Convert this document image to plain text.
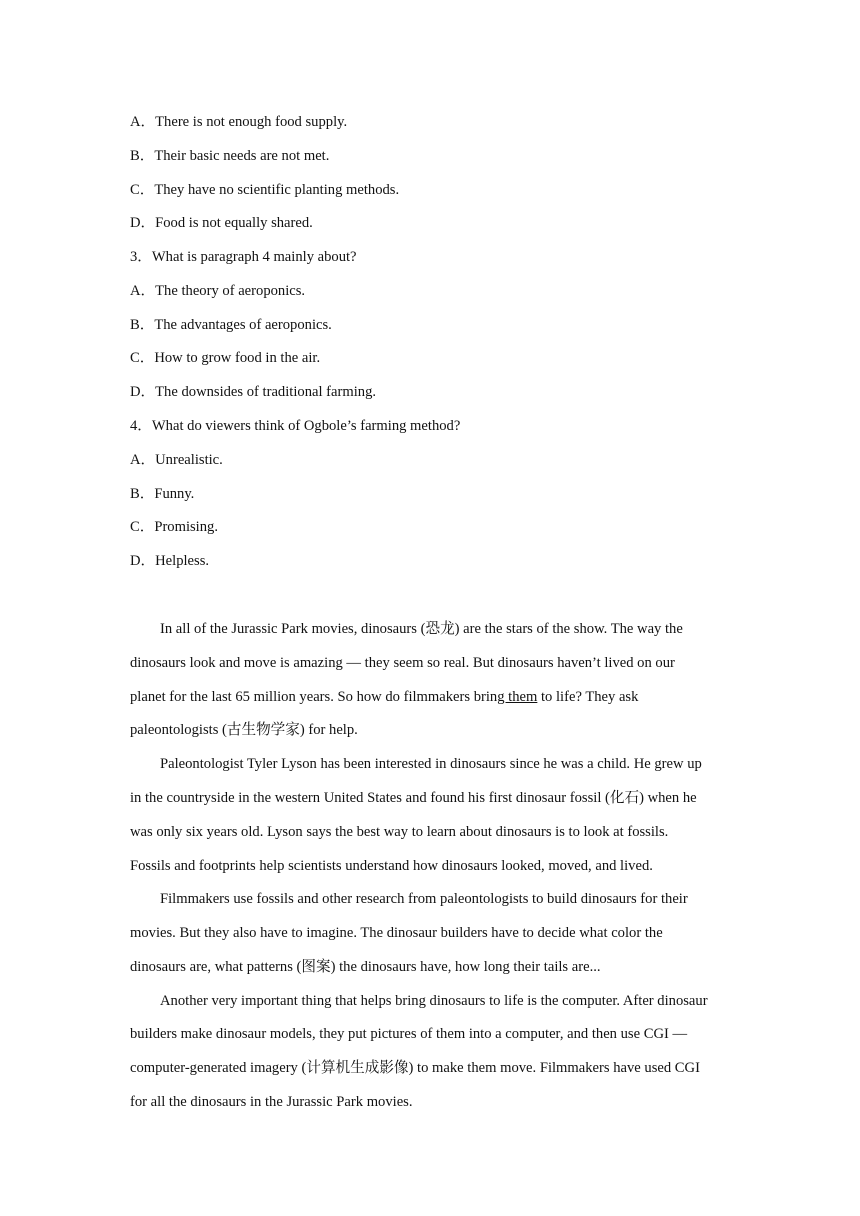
A．There is not enough food supply.
B．Their basic needs are not met.
C．They have no scientific planting methods.
D．Food is not equally shared.
3．What is paragraph 4 mainly about?
A．The theory of aeroponics.
B．The advantages of aeroponics.
C．How to grow food in the air.
D．The downsides of traditional farming.
4．What do viewers think of Ogbole’s farming method?
A．Unrealistic.
B．Funny.
C．Promising.
D．Helpless.
In all of the Jurassic Park movies, dinosaurs (恐龙) are the stars of the show. The way the
dinosaurs look and move is amazing — they seem so real. But dinosaurs haven’t lived on our
planet for the last 65 million years. So how do filmmakers bring them to life? They ask
paleontologists (古生物学家) for help.
Paleontologist Tyler Lyson has been interested in dinosaurs since he was a child. He grew up
in the countryside in the western United States and found his first dinosaur fossil (化石) when he
was only six years old. Lyson says the best way to learn about dinosaurs is to look at fossils.
Fossils and footprints help scientists understand how dinosaurs looked, moved, and lived.
Filmmakers use fossils and other research from paleontologists to build dinosaurs for their
movies. But they also have to imagine. The dinosaur builders have to decide what color the
dinosaurs are, what patterns (图案) the dinosaurs have, how long their tails are...
Another very important thing that helps bring dinosaurs to life is the computer. After dinosaur
builders make dinosaur models, they put pictures of them into a computer, and then use CGI —
computer-generated imagery (计算机生成影像) to make them move. Filmmakers have used CGI
for all the dinosaurs in the Jurassic Park movies.
